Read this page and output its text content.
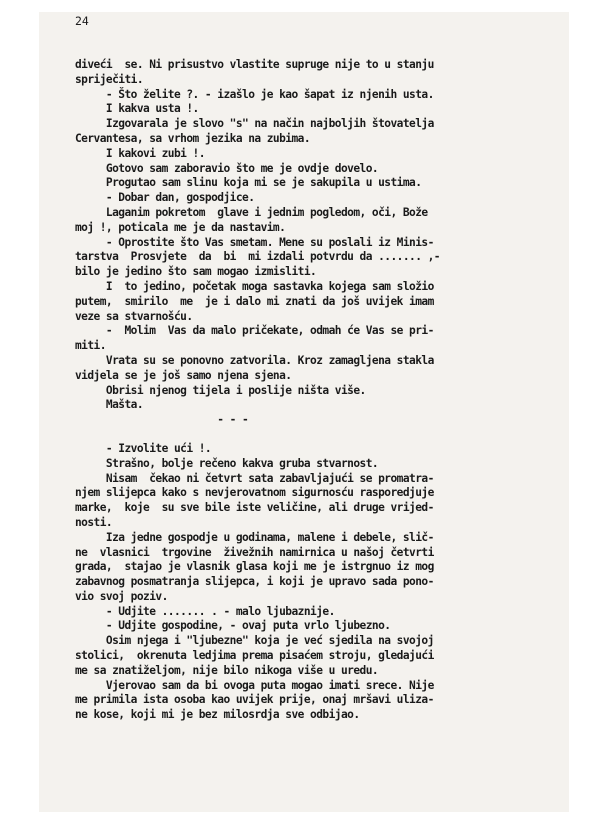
24
divеći  se. Ni prisustvo vlastite supruge nije to u stanju
spriječiti.
- Što želite ?. - izašlo je kao šapat iz njenih usta.
I kakva usta !.
Izgovarala je slovo "s" na način najboljih štovatelja
Cervantesa, sa vrhom jezika na zubima.
I kakovi zubi !.
Gotovo sam zaboravio što me je ovdje dovelo.
Progutao sam slinu koja mi se je sakupila u ustima.
- Dobar dan, gospodjice.
Laganim pokretom  glave i jednim pogledom, oči, Bože
moj !, poticala me je da nastavim.
- Oprostite što Vas smetam. Mene su poslali iz Minis-
tarstva  Prosvjete  da  bi  mi izdali potvrdu da ....... ,-
bilo je jedino što sam mogao izmisliti.
I  to jedino, početak moga sastavka kojega sam složio
putem,  smirilo  me  je i dalo mi znati da još uvijek imam
veze sa stvarnošću.
-  Molim  Vas da malo pričekate, odmah će Vas se pri-
miti.
Vrata su se ponovno zatvorila. Kroz zamagljena stakla
vidjela se je još samo njena sjena.
Obrisi njenog tijela i poslije ništa više.
Mašta.
- - -
- Izvolite ući !.
Strašno, bolje rečeno kakva gruba stvarnost.
Nisam  čekao ni četvrt sata zabavljajući se promatra-
njem slijepca kako s nevjerovatnom sigurnosću rasporedjuje
marke,  koje  su sve bile iste veličine, ali druge vrijed-
nosti.
Iza jedne gospodje u godinama, malene i debele, slič-
ne  vlasnici  trgovine  živežnih namirnica u našoj četvrti
grada,  stajao je vlasnik glasa koji me je istrgnuo iz mog
zabavnog posmatranja slijepca, i koji je upravo sada pono-
vio svoj poziv.
- Udjite ....... . - malo ljubaznije.
- Udjite gospodine, - ovaj puta vrlo ljubezno.
Osim njega i "ljubezne" koja je već sjedila na svojoj
stolici,  okrenuta ledjima prema pisaćem stroju, gledajući
me sa znatiželjom, nije bilo nikoga više u uredu.
Vjerovao sam da bi ovoga puta mogao imati srece. Nije
me primila ista osoba kao uvijek prije, onaj mršavi ulizа-
ne kose, koji mi je bez milosrdja sve odbijao.
